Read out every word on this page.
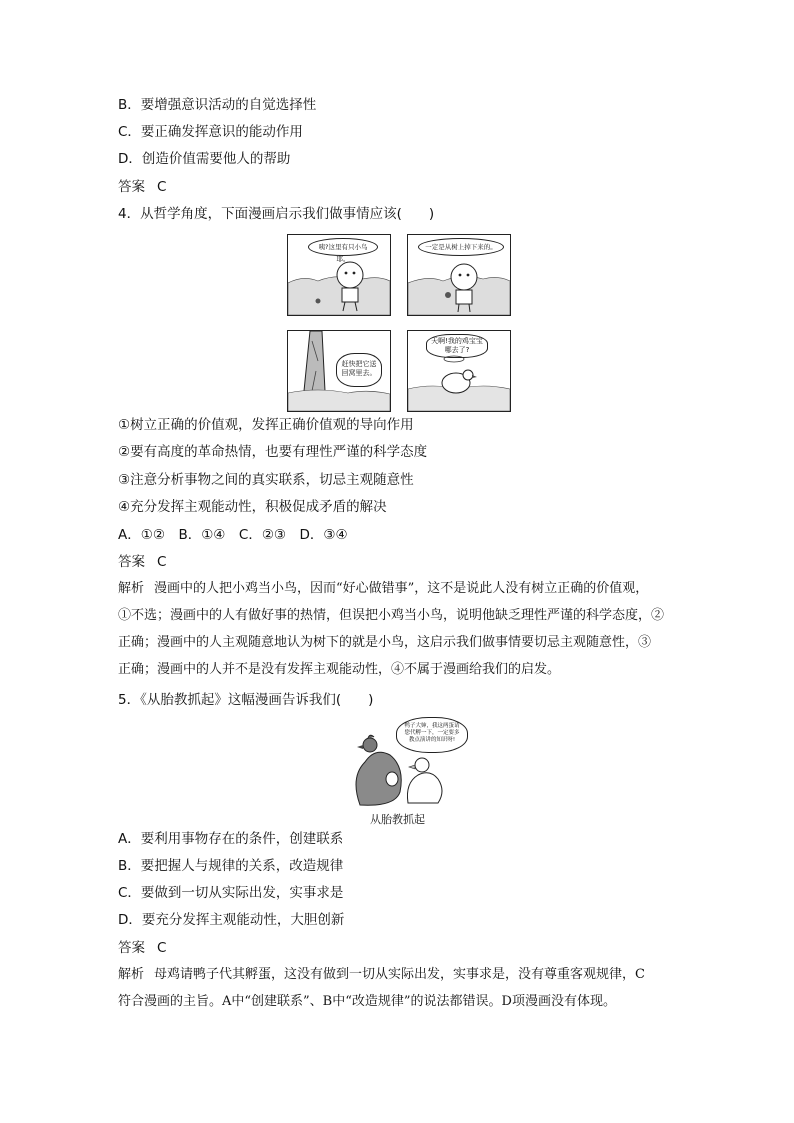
B．要增强意识活动的自觉选择性
C．要正确发挥意识的能动作用
D．创造价值需要他人的帮助
答案 C
4．从哲学角度，下面漫画启示我们做事情应该(　　)
咦?这里有只小鸟耶。
一定是从树上掉下来的。
赶快把它送回窝里去。
天啊!我的鸡宝宝哪去了?
①树立正确的价值观，发挥正确价值观的导向作用
②要有高度的革命热情，也要有理性严谨的科学态度
③注意分析事物之间的真实联系，切忌主观随意性
④充分发挥主观能动性，积极促成矛盾的解决
A．①②　B．①④　C．②③　D．③④
答案 C
解析 漫画中的人把小鸡当小鸟，因而“好心做错事”，这不是说此人没有树立正确的价值观，
①不选；漫画中的人有做好事的热情，但误把小鸡当小鸟，说明他缺乏理性严谨的科学态度，②
正确；漫画中的人主观随意地认为树下的就是小鸟，这启示我们做事情要切忌主观随意性，③
正确；漫画中的人并不是没有发挥主观能动性，④不属于漫画给我们的启发。
5．《从胎教抓起》这幅漫画告诉我们(　　)
鸭子大婶，我这两蛋请您代孵一下，一定要多教点演讲的知识呀!
从胎教抓起
A．要利用事物存在的条件，创建联系
B．要把握人与规律的关系，改造规律
C．要做到一切从实际出发，实事求是
D．要充分发挥主观能动性，大胆创新
答案 C
解析 母鸡请鸭子代其孵蛋，这没有做到一切从实际出发，实事求是，没有尊重客观规律，C
符合漫画的主旨。A中“创建联系”、B中“改造规律”的说法都错误。D项漫画没有体现。
